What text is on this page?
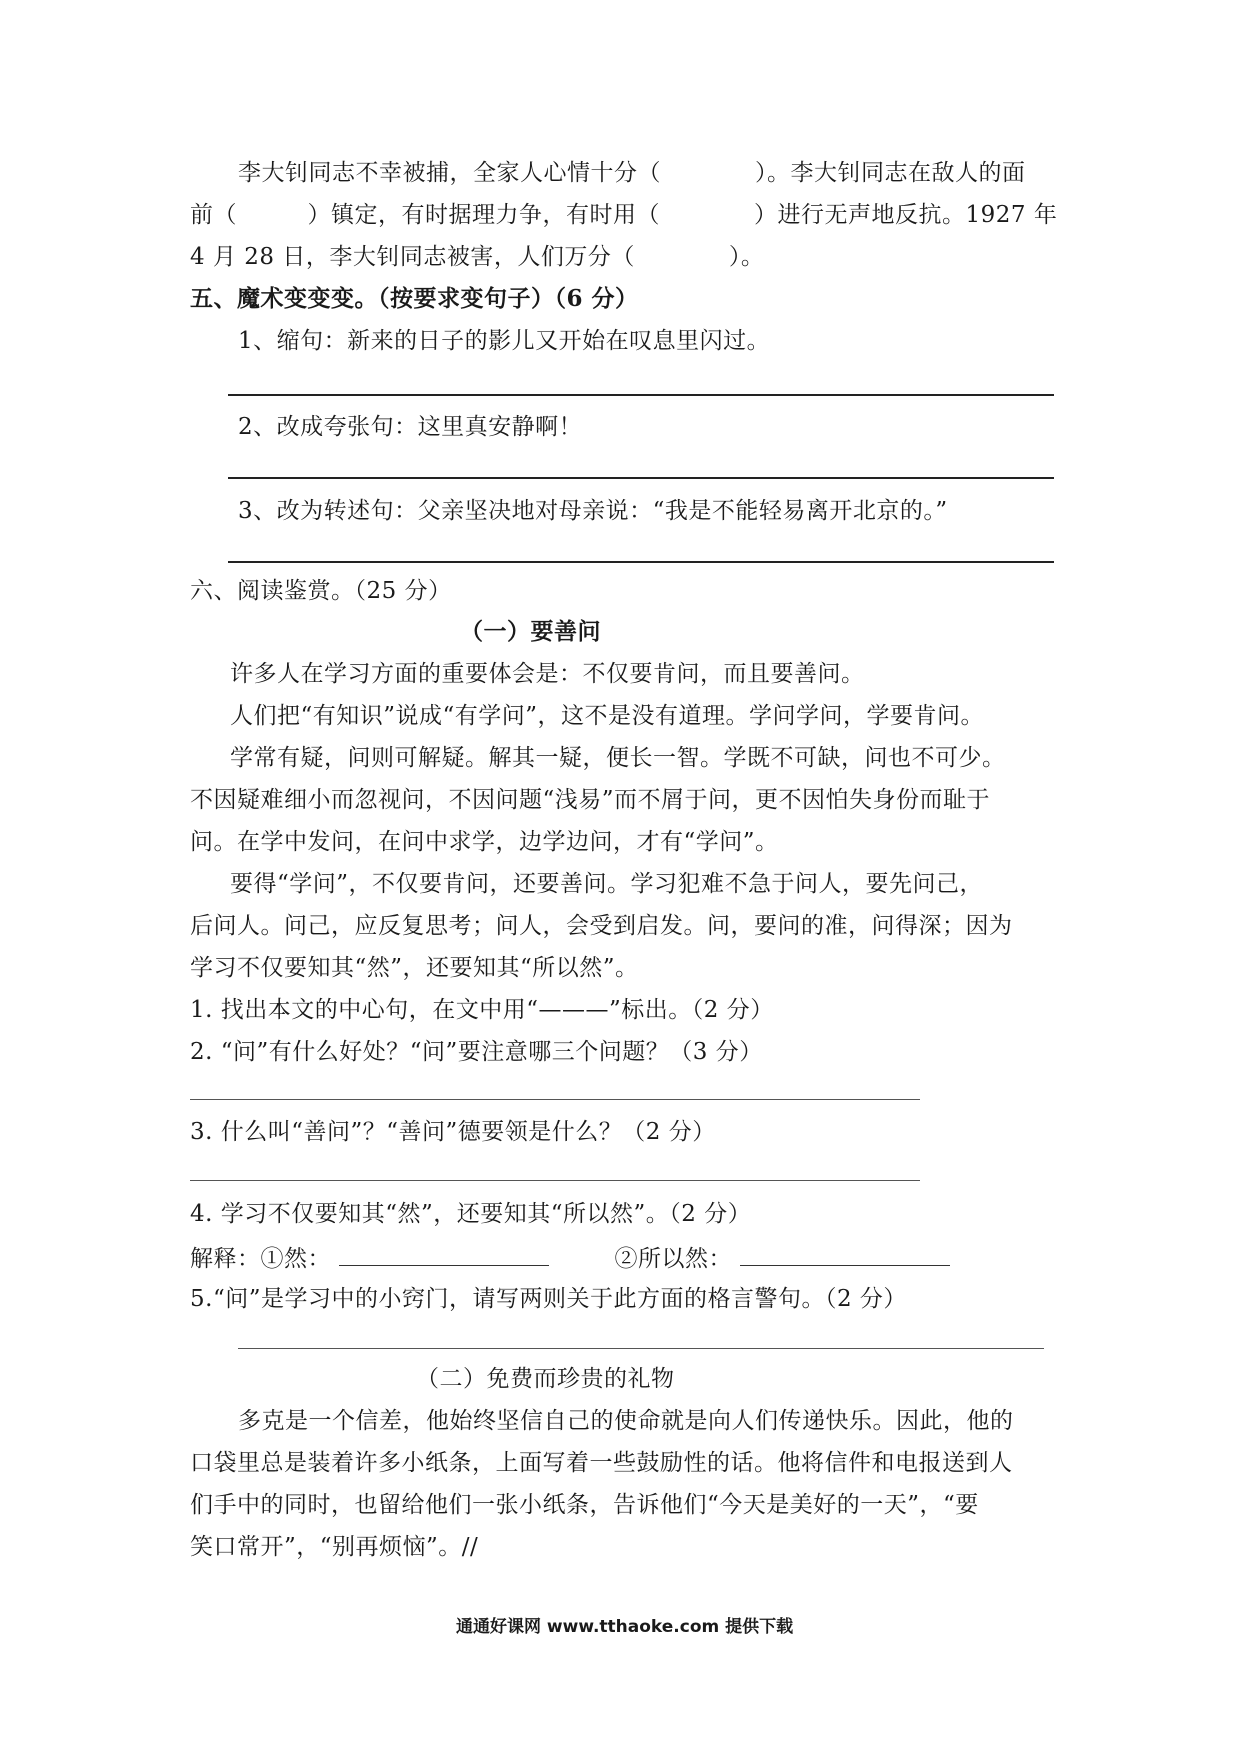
李大钊同志不幸被捕，全家人心情十分（　　　　）。李大钊同志在敌人的面
前（　　　）镇定，有时据理力争，有时用（　　　　）进行无声地反抗。1927 年
4 月 28 日，李大钊同志被害，人们万分（　　　　）。
五、魔术变变变。（按要求变句子）（6 分）
1、缩句：新来的日子的影儿又开始在叹息里闪过。
2、改成夸张句：这里真安静啊！
3、改为转述句：父亲坚决地对母亲说：“我是不能轻易离开北京的。”
六、阅读鉴赏。（25 分）
（一）要善问
许多人在学习方面的重要体会是：不仅要肯问，而且要善问。
人们把“有知识”说成“有学问”，这不是没有道理。学问学问，学要肯问。
学常有疑，问则可解疑。解其一疑，便长一智。学既不可缺，问也不可少。
不因疑难细小而忽视问，不因问题“浅易”而不屑于问，更不因怕失身份而耻于
问。在学中发问，在问中求学，边学边问，才有“学问”。
要得“学问”，不仅要肯问，还要善问。学习犯难不急于问人，要先问己，
后问人。问己，应反复思考；问人，会受到启发。问，要问的准，问得深；因为
学习不仅要知其“然”，还要知其“所以然”。
1. 找出本文的中心句，在文中用“———”标出。（2 分）
2. “问”有什么好处？“问”要注意哪三个问题？（3 分）
3. 什么叫“善问”？“善问”德要领是什么？（2 分）
4. 学习不仅要知其“然”，还要知其“所以然”。（2 分）
解释：①然：	②所以然：
5.“问”是学习中的小窍门，请写两则关于此方面的格言警句。（2 分）
（二）免费而珍贵的礼物
多克是一个信差，他始终坚信自己的使命就是向人们传递快乐。因此，他的
口袋里总是装着许多小纸条，上面写着一些鼓励性的话。他将信件和电报送到人
们手中的同时，也留给他们一张小纸条，告诉他们“今天是美好的一天”，“要
笑口常开”，“别再烦恼”。//
通通好课网 www.tthaoke.com 提供下载
